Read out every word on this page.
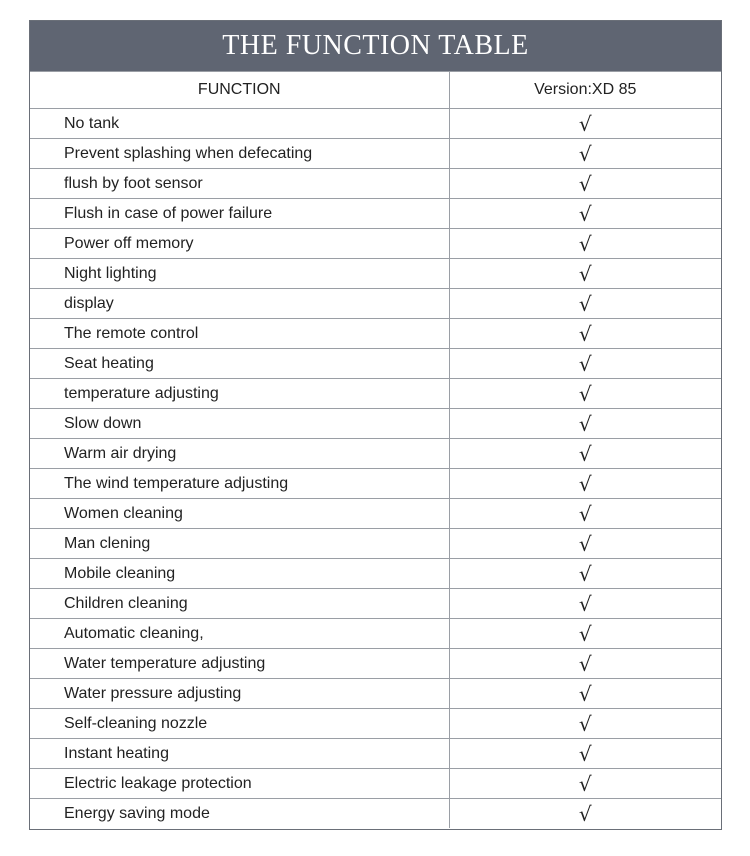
THE FUNCTION TABLE
FUNCTION	Version:XD 85
No tank	√
Prevent splashing when defecating	√
flush by foot sensor	√
Flush in case of power failure	√
Power off memory	√
Night lighting	√
display	√
The remote control	√
Seat heating	√
temperature adjusting	√
Slow down	√
Warm air drying	√
The wind temperature adjusting	√
Women cleaning	√
Man clening	√
Mobile cleaning	√
Children cleaning	√
Automatic cleaning,	√
Water temperature adjusting	√
Water pressure adjusting	√
Self-cleaning nozzle	√
Instant heating	√
Electric leakage protection	√
Energy saving mode	√
